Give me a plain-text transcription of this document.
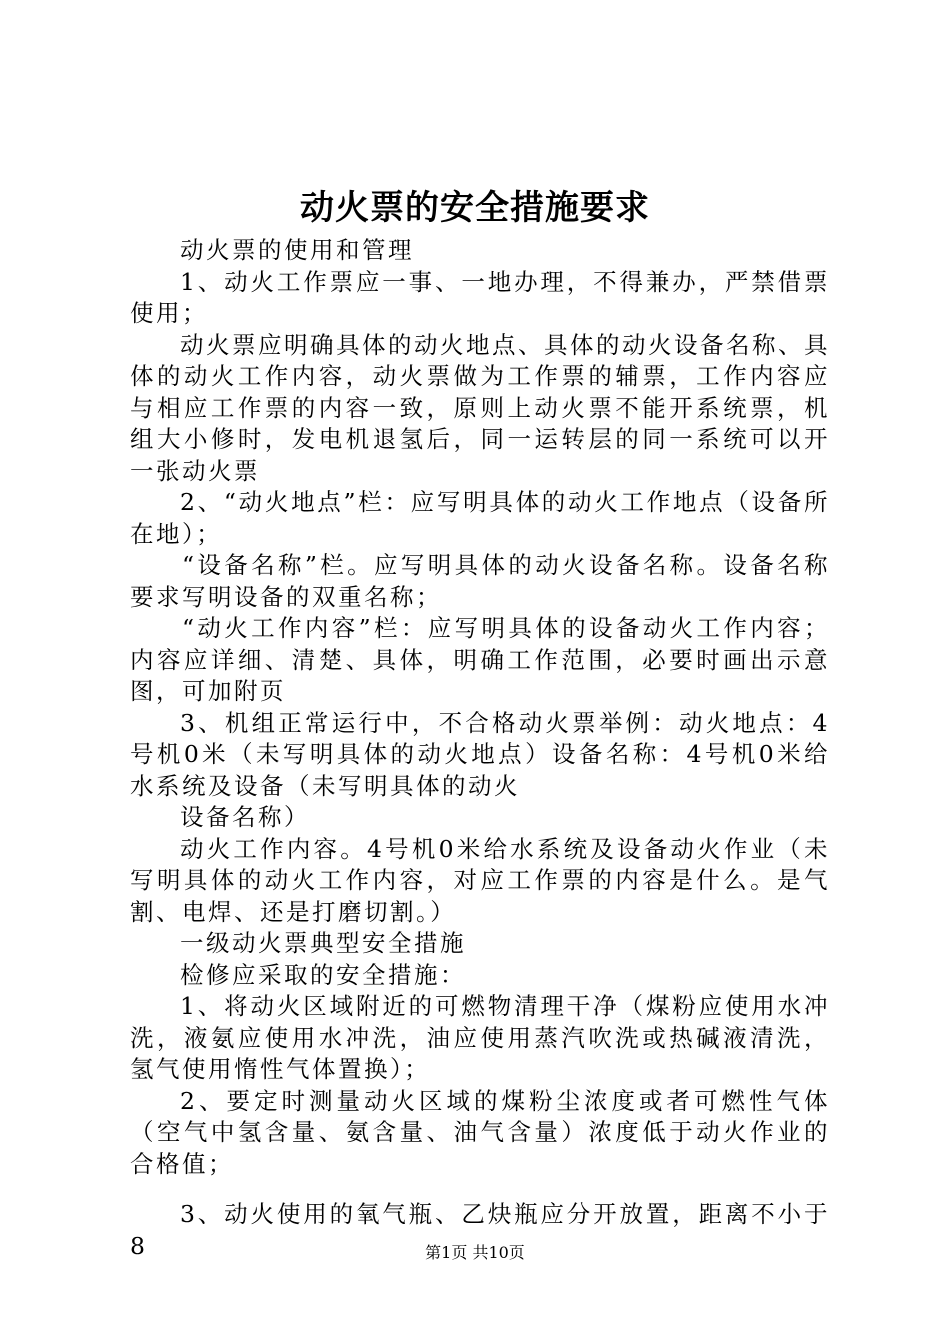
动火票的安全措施要求

动火票的使用和管理

1、动火工作票应一事、一地办理，不得兼办，严禁借票使用；

动火票应明确具体的动火地点、具体的动火设备名称、具体的动火工作内容，动火票做为工作票的辅票，工作内容应与相应工作票的内容一致，原则上动火票不能开系统票，机组大小修时，发电机退氢后，同一运转层的同一系统可以开一张动火票

2、“动火地点”栏：应写明具体的动火工作地点（设备所在地）；

“设备名称”栏。应写明具体的动火设备名称。设备名称要求写明设备的双重名称；

“动火工作内容”栏：应写明具体的设备动火工作内容；内容应详细、清楚、具体，明确工作范围，必要时画出示意图，可加附页

3、机组正常运行中，不合格动火票举例：动火地点：4号机0米（未写明具体的动火地点）设备名称：4号机0米给水系统及设备（未写明具体的动火

设备名称）

动火工作内容。4号机0米给水系统及设备动火作业（未写明具体的动火工作内容，对应工作票的内容是什么。是气割、电焊、还是打磨切割。）

一级动火票典型安全措施

检修应采取的安全措施：

1、将动火区域附近的可燃物清理干净（煤粉应使用水冲洗，液氨应使用水冲洗，油应使用蒸汽吹洗或热碱液清洗，氢气使用惰性气体置换）；

2、要定时测量动火区域的煤粉尘浓度或者可燃性气体（空气中氢含量、氨含量、油气含量）浓度低于动火作业的合格值；

3、动火使用的氧气瓶、乙炔瓶应分开放置，距离不小于8	第1页 共10页
